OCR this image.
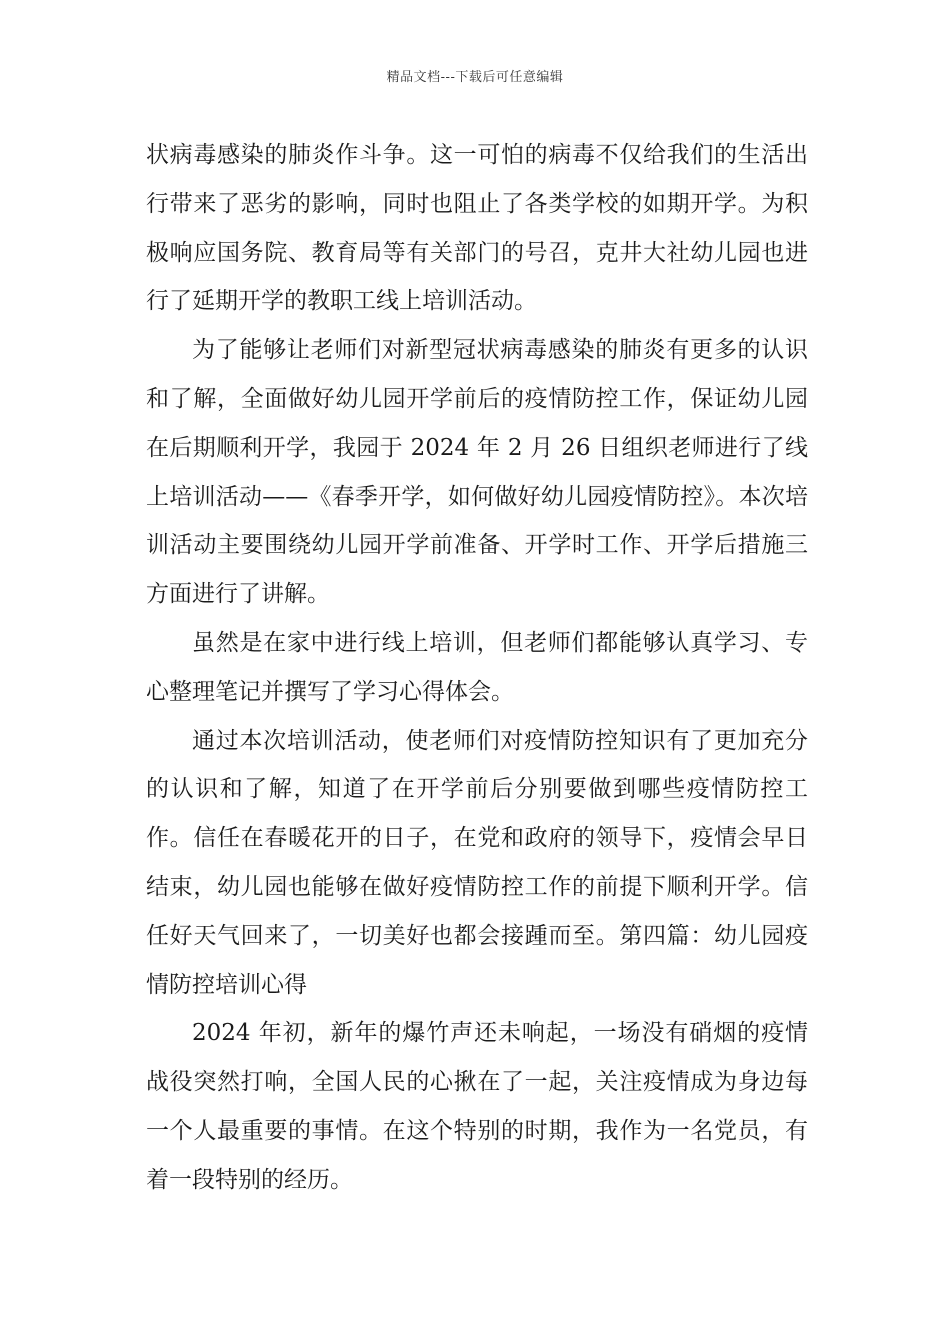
精品文档---下载后可任意编辑

状病毒感染的肺炎作斗争。这一可怕的病毒不仅给我们的生活出行带来了恶劣的影响，同时也阻止了各类学校的如期开学。为积极响应国务院、教育局等有关部门的号召，克井大社幼儿园也进行了延期开学的教职工线上培训活动。

为了能够让老师们对新型冠状病毒感染的肺炎有更多的认识和了解，全面做好幼儿园开学前后的疫情防控工作，保证幼儿园在后期顺利开学，我园于 2024 年 2 月 26 日组织老师进行了线上培训活动——《春季开学，如何做好幼儿园疫情防控》。本次培训活动主要围绕幼儿园开学前准备、开学时工作、开学后措施三方面进行了讲解。

虽然是在家中进行线上培训，但老师们都能够认真学习、专心整理笔记并撰写了学习心得体会。

通过本次培训活动，使老师们对疫情防控知识有了更加充分的认识和了解，知道了在开学前后分别要做到哪些疫情防控工作。信任在春暖花开的日子，在党和政府的领导下，疫情会早日结束，幼儿园也能够在做好疫情防控工作的前提下顺利开学。信任好天气回来了，一切美好也都会接踵而至。第四篇：幼儿园疫情防控培训心得

2024 年初，新年的爆竹声还未响起，一场没有硝烟的疫情战役突然打响，全国人民的心揪在了一起，关注疫情成为身边每一个人最重要的事情。在这个特别的时期，我作为一名党员，有着一段特别的经历。
